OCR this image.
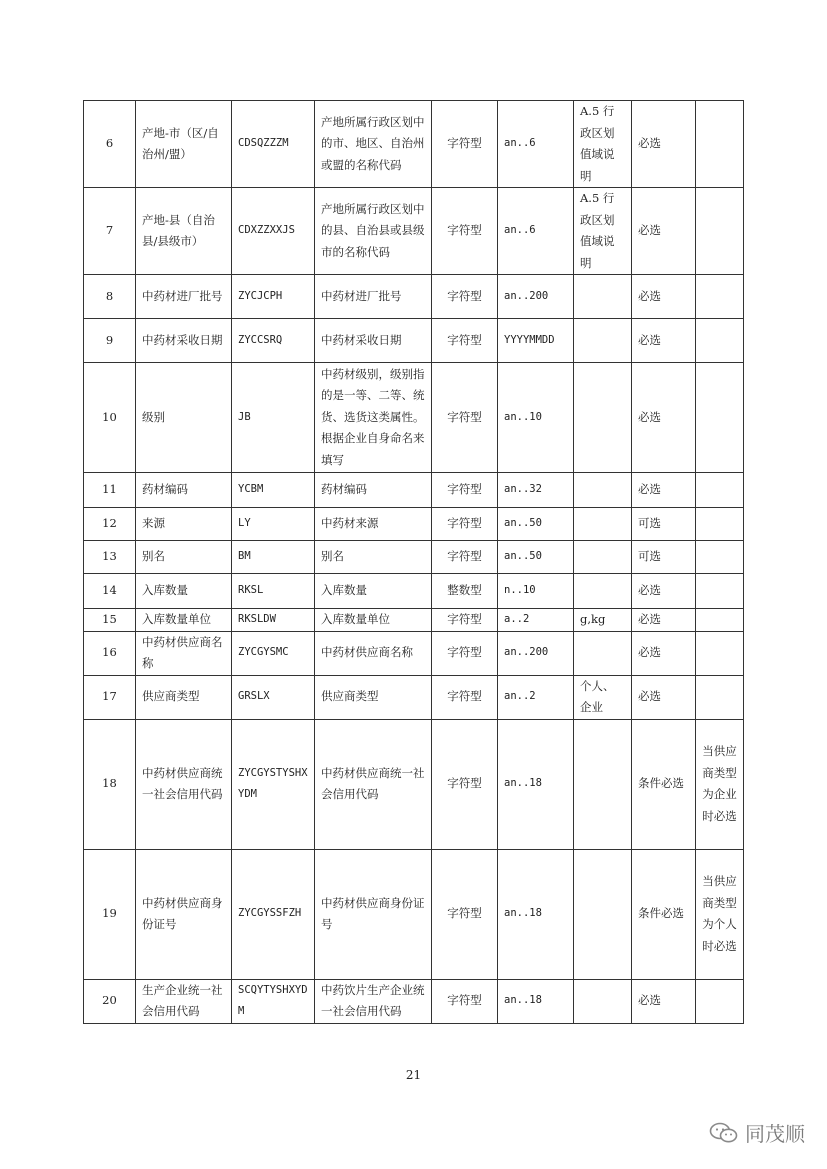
6	产地-市（区/自治州/盟）	CDSQZZZM	产地所属行政区划中的市、地区、自治州或盟的名称代码	字符型	an..6	A.5 行政区划值域说明	必选	
7	产地-县（自治县/县级市）	CDXZZXXJS	产地所属行政区划中的县、自治县或县级市的名称代码	字符型	an..6	A.5 行政区划值域说明	必选	
8	中药材进厂批号	ZYCJCPH	中药材进厂批号	字符型	an..200		必选	
9	中药材采收日期	ZYCCSRQ	中药材采收日期	字符型	YYYYMMDD		必选	
10	级别	JB	中药材级别，级别指的是一等、二等、统货、选货这类属性。根据企业自身命名来填写	字符型	an..10		必选	
11	药材编码	YCBM	药材编码	字符型	an..32		必选	
12	来源	LY	中药材来源	字符型	an..50		可选	
13	别名	BM	别名	字符型	an..50		可选	
14	入库数量	RKSL	入库数量	整数型	n..10		必选	
15	入库数量单位	RKSLDW	入库数量单位	字符型	a..2	g,kg	必选	
16	中药材供应商名称	ZYCGYSMC	中药材供应商名称	字符型	an..200		必选	
17	供应商类型	GRSLX	供应商类型	字符型	an..2	个人、企业	必选	
18	中药材供应商统一社会信用代码	ZYCGYSTYSHXYDM	中药材供应商统一社会信用代码	字符型	an..18		条件必选	当供应商类型为企业时必选
19	中药材供应商身份证号	ZYCGYSSFZH	中药材供应商身份证号	字符型	an..18		条件必选	当供应商类型为个人时必选
20	生产企业统一社会信用代码	SCQYTYSHXYDM	中药饮片生产企业统一社会信用代码	字符型	an..18		必选	
21
同茂顺
